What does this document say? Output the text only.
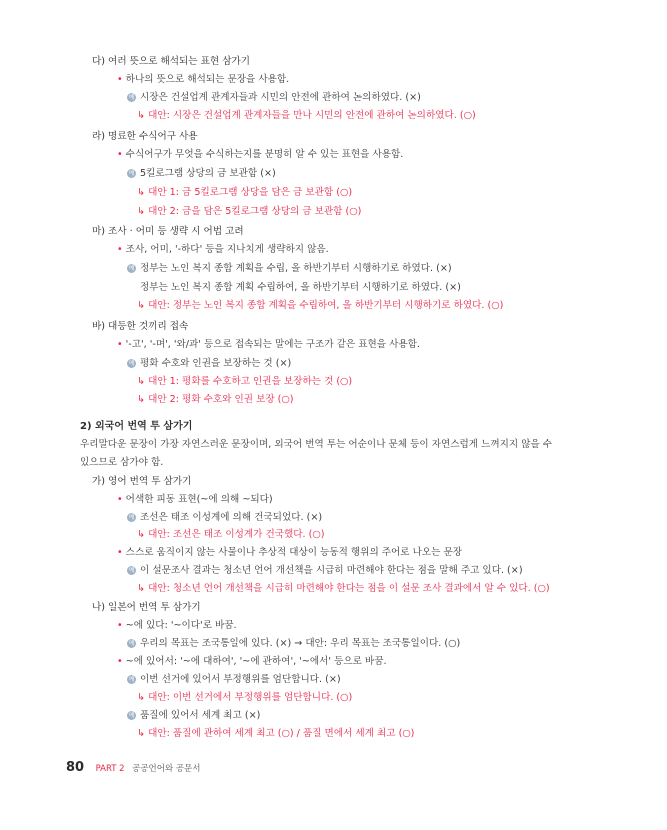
다) 여러 뜻으로 해석되는 표현 삼가기
• 하나의 뜻으로 해석되는 문장을 사용함.
예 시장은 건설업계 관계자들과 시민의 안전에 관하여 논의하였다. (×)
↳ 대안: 시장은 건설업계 관계자들을 만나 시민의 안전에 관하여 논의하였다. (○)
라) 명료한 수식어구 사용
• 수식어구가 무엇을 수식하는지를 분명히 알 수 있는 표현을 사용함.
예 5킬로그램 상당의 금 보관함 (×)
↳ 대안 1: 금 5킬로그램 상당을 담은 금 보관함 (○)
↳ 대안 2: 금을 담은 5킬로그램 상당의 금 보관함 (○)
마) 조사 · 어미 등 생략 시 어법 고려
• 조사, 어미, '-하다' 등을 지나치게 생략하지 않음.
예 정부는 노인 복지 종합 계획을 수립, 올 하반기부터 시행하기로 하였다. (×)
정부는 노인 복지 종합 계획 수립하여, 올 하반기부터 시행하기로 하였다. (×)
↳ 대안: 정부는 노인 복지 종합 계획을 수립하여, 올 하반기부터 시행하기로 하였다. (○)
바) 대등한 것끼리 접속
• '-고', '-며', '와/과' 등으로 접속되는 말에는 구조가 같은 표현을 사용함.
예 평화 수호와 인권을 보장하는 것 (×)
↳ 대안 1: 평화를 수호하고 인권을 보장하는 것 (○)
↳ 대안 2: 평화 수호와 인권 보장 (○)
2) 외국어 번역 투 삼가기
우리말다운 문장이 가장 자연스러운 문장이며, 외국어 번역 투는 어순이나 문체 등이 자연스럽게 느껴지지 않을 수
있으므로 삼가야 함.
가) 영어 번역 투 삼가기
• 어색한 피동 표현(~에 의해 ~되다)
예 조선은 태조 이성계에 의해 건국되었다. (×)
↳ 대안: 조선은 태조 이성계가 건국했다. (○)
• 스스로 움직이지 않는 사물이나 추상적 대상이 능동적 행위의 주어로 나오는 문장
예 이 설문조사 결과는 청소년 언어 개선책을 시급히 마련해야 한다는 점을 말해 주고 있다. (×)
↳ 대안: 청소년 언어 개선책을 시급히 마련해야 한다는 점을 이 설문 조사 결과에서 알 수 있다. (○)
나) 일본어 번역 투 삼가기
• ~에 있다: '~이다'로 바꿈.
예 우리의 목표는 조국통일에 있다. (×) → 대안: 우리 목표는 조국통일이다. (○)
• ~에 있어서: '~에 대하여', '~에 관하여', '~에서' 등으로 바꿈.
예 이번 선거에 있어서 부정행위를 엄단합니다. (×)
↳ 대안: 이번 선거에서 부정행위를 엄단합니다. (○)
예 품질에 있어서 세계 최고 (×)
↳ 대안: 품질에 관하여 세계 최고 (○) / 품질 면에서 세계 최고 (○)
80 PART 2 공공언어와 공문서
